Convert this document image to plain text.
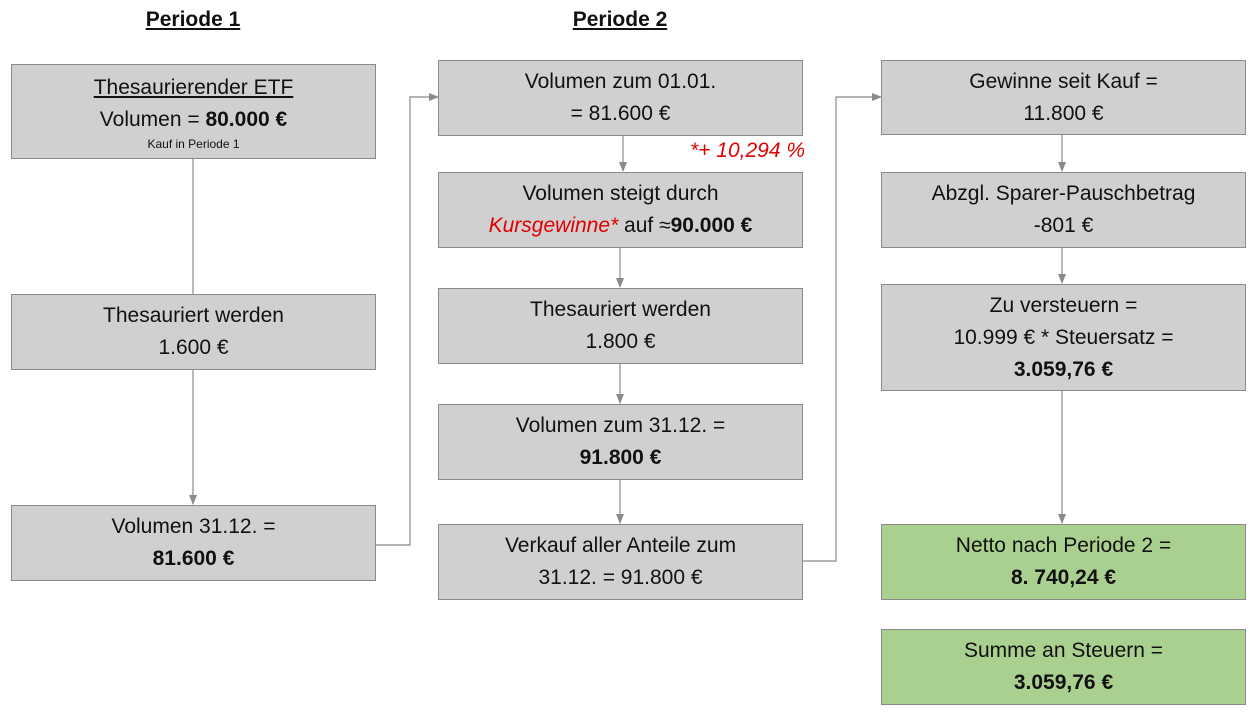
Periode 1	Periode 2
Thesaurierender ETF
Volumen = 80.000 €
Kauf in Periode 1
Thesauriert werden
1.600 €
Volumen 31.12. =
81.600 €
Volumen zum 01.01.
= 81.600 €
*+ 10,294 %
Volumen steigt durch
Kursgewinne* auf ≈90.000 €
Thesauriert werden
1.800 €
Volumen zum 31.12. =
91.800 €
Verkauf aller Anteile zum
31.12. = 91.800 €
Gewinne seit Kauf =
11.800 €
Abzgl. Sparer-Pauschbetrag
-801 €
Zu versteuern =
10.999 € * Steuersatz =
3.059,76 €
Netto nach Periode 2 =
8. 740,24 €
Summe an Steuern =
3.059,76 €
